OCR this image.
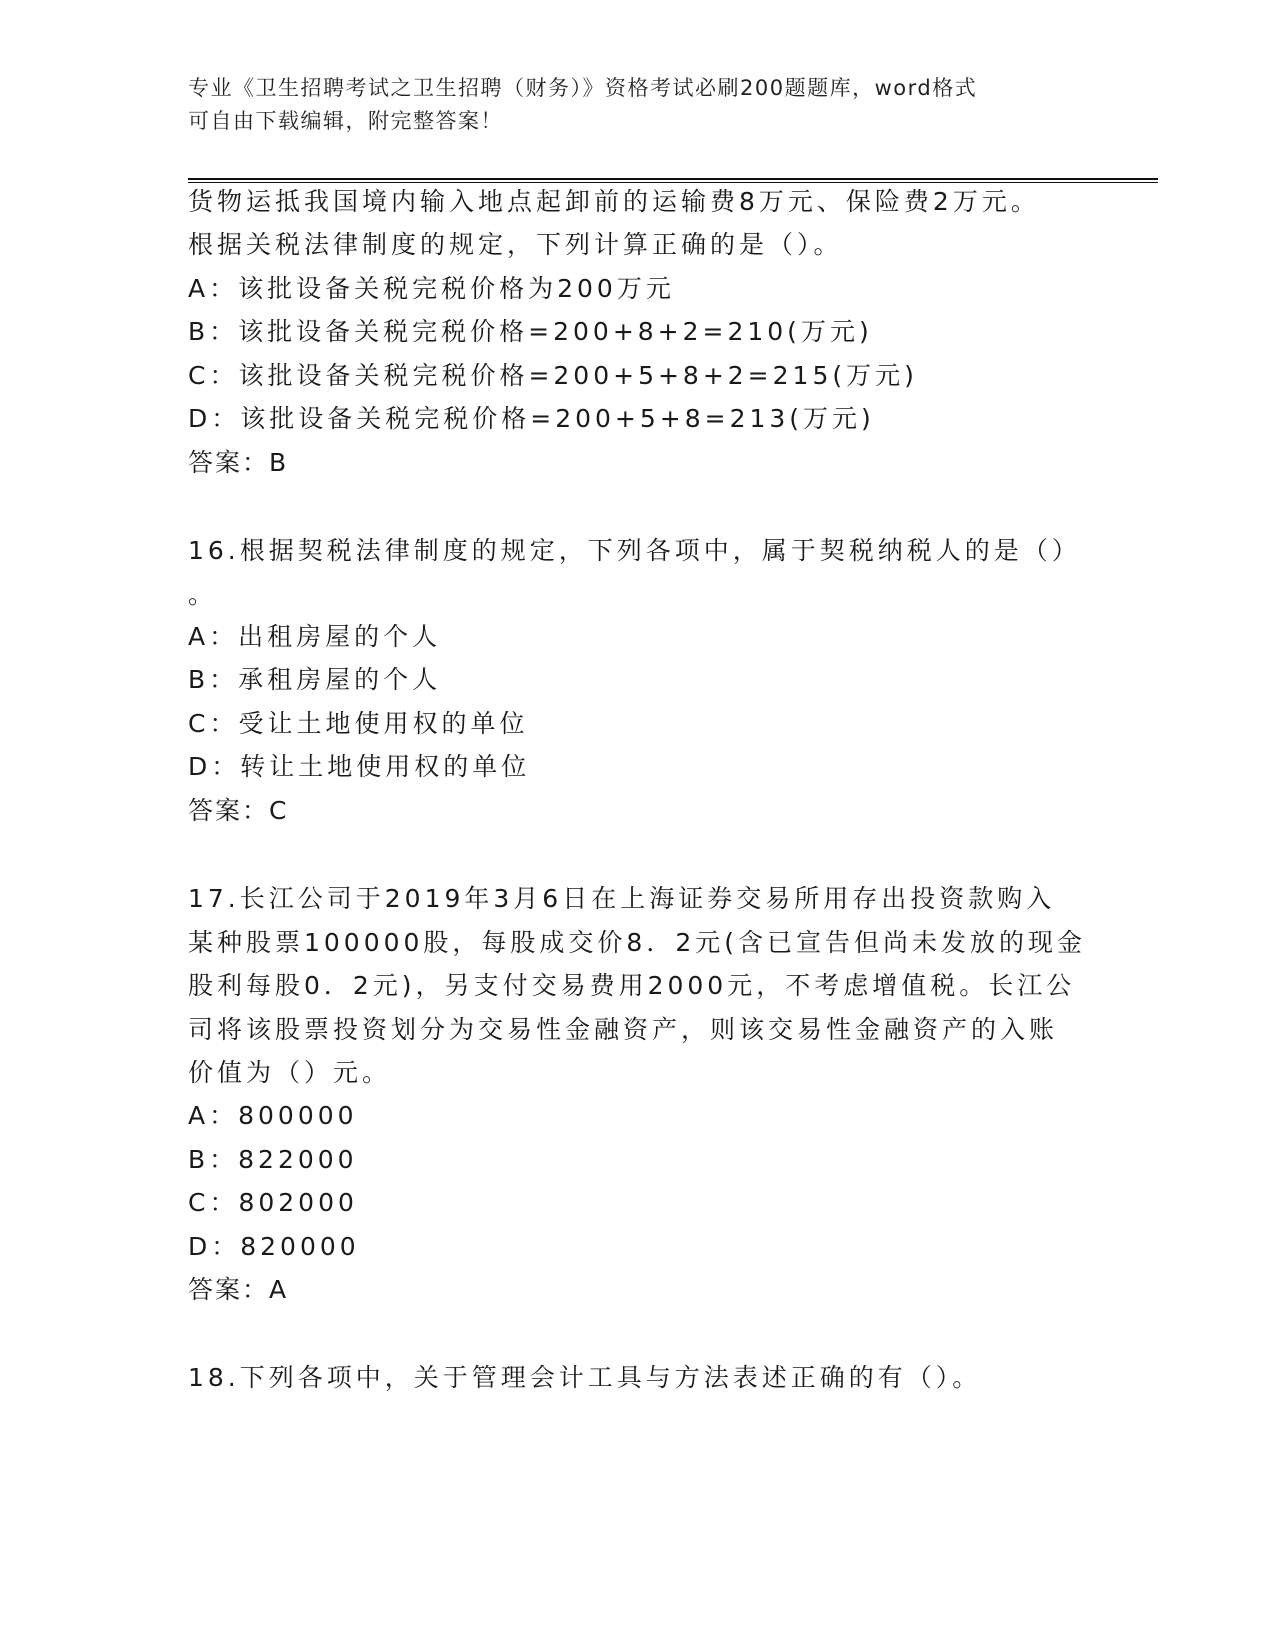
专业《卫生招聘考试之卫生招聘（财务）》资格考试必刷200题题库，word格式
可自由下载编辑，附完整答案！
货物运抵我国境内输入地点起卸前的运输费8万元、保险费2万元。
根据关税法律制度的规定，下列计算正确的是（）。
A：该批设备关税完税价格为200万元
B：该批设备关税完税价格=200+8+2=210(万元)
C：该批设备关税完税价格=200+5+8+2=215(万元)
D：该批设备关税完税价格=200+5+8=213(万元)
答案：B
16.根据契税法律制度的规定，下列各项中，属于契税纳税人的是（）
。
A：出租房屋的个人
B：承租房屋的个人
C：受让土地使用权的单位
D：转让土地使用权的单位
答案：C
17.长江公司于2019年3月6日在上海证券交易所用存出投资款购入
某种股票100000股，每股成交价8．2元(含已宣告但尚未发放的现金
股利每股0．2元)，另支付交易费用2000元，不考虑增值税。长江公
司将该股票投资划分为交易性金融资产，则该交易性金融资产的入账
价值为（）元。
A：800000
B：822000
C：802000
D：820000
答案：A
18.下列各项中，关于管理会计工具与方法表述正确的有（）。
